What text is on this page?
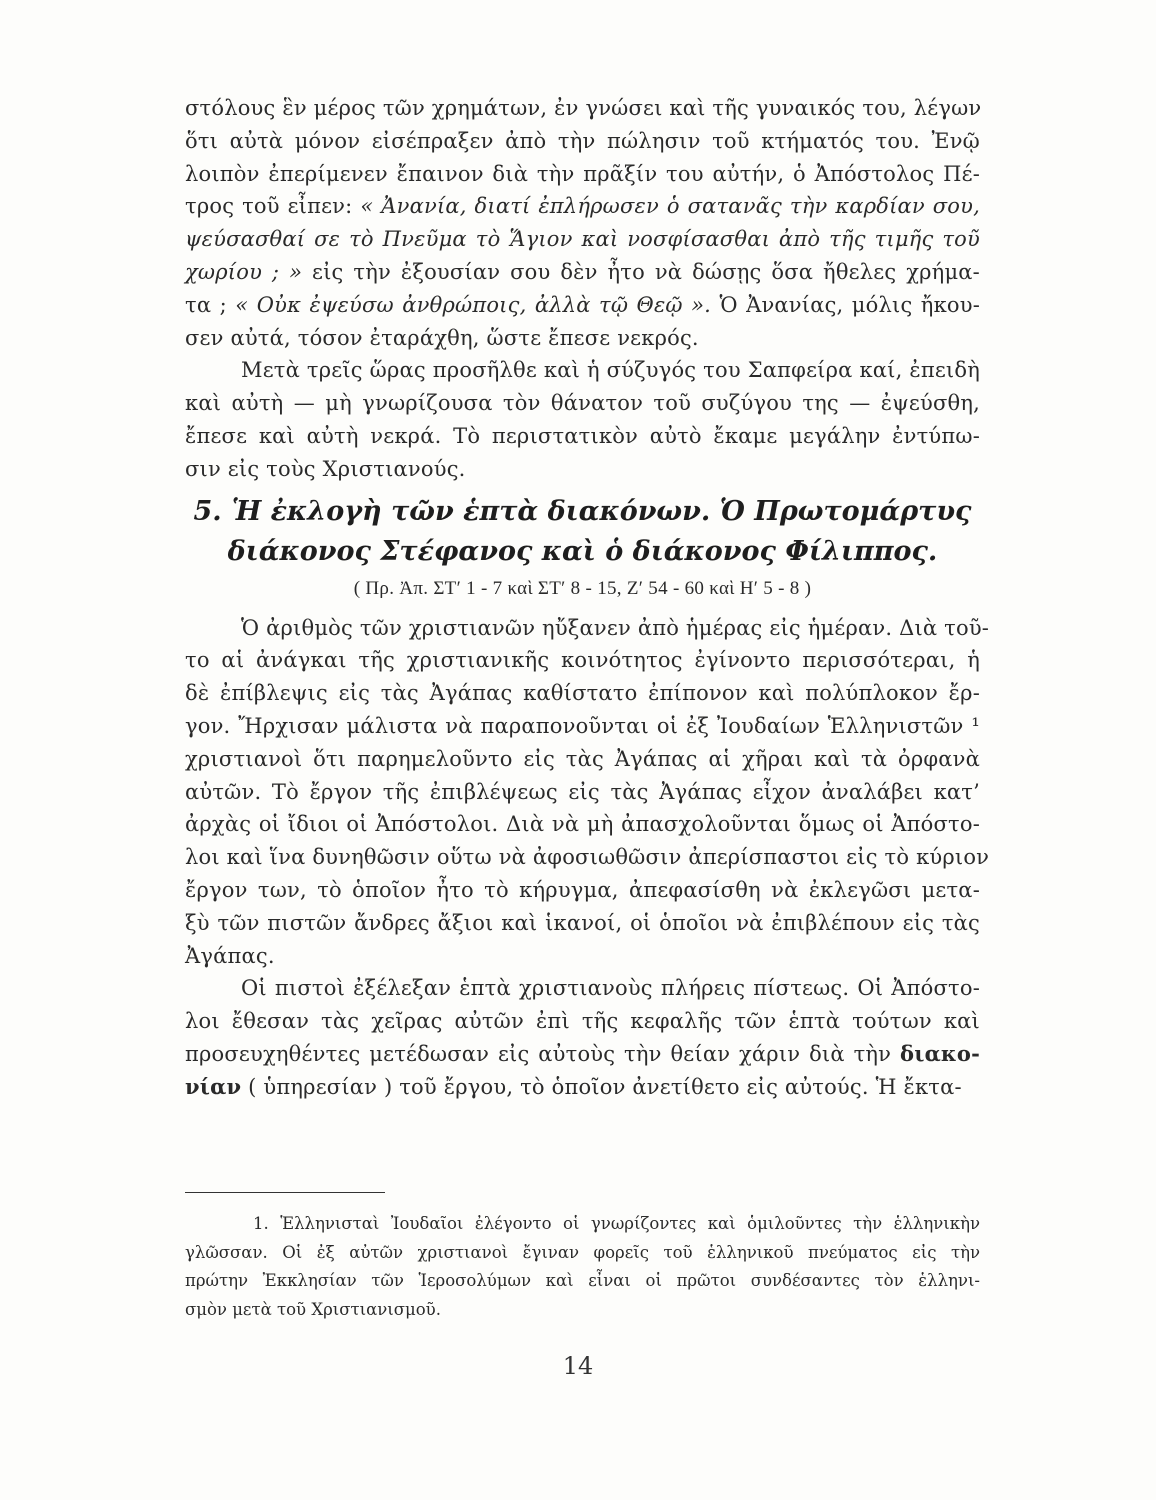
στόλους ἓν μέρος τῶν χρημάτων, ἐν γνώσει καὶ τῆς γυναικός του, λέγων
ὅτι αὐτὰ μόνον εἰσέπραξεν ἀπὸ τὴν πώλησιν τοῦ κτήματός του. Ἐνῷ
λοιπὸν ἐπερίμενεν ἔπαινον διὰ τὴν πρᾶξίν του αὐτήν, ὁ Ἀπόστολος Πέ-
τρος τοῦ εἶπεν: « Ἀνανία, διατί ἐπλήρωσεν ὁ σατανᾶς τὴν καρδίαν σου,
ψεύσασθαί σε τὸ Πνεῦμα τὸ Ἅγιον καὶ νοσφίσασθαι ἀπὸ τῆς τιμῆς τοῦ
χωρίου ; » εἰς τὴν ἐξουσίαν σου δὲν ἦτο νὰ δώσῃς ὅσα ἤθελες χρήμα-
τα ; « Οὐκ ἐψεύσω ἀνθρώποις, ἀλλὰ τῷ Θεῷ ». Ὁ Ἀνανίας, μόλις ἤκου-
σεν αὐτά, τόσον ἐταράχθη, ὥστε ἔπεσε νεκρός.
Μετὰ τρεῖς ὥρας προσῆλθε καὶ ἡ σύζυγός του Σαπφείρα καί, ἐπειδὴ
καὶ αὐτὴ — μὴ γνωρίζουσα τὸν θάνατον τοῦ συζύγου της — ἐψεύσθη,
ἔπεσε καὶ αὐτὴ νεκρά. Τὸ περιστατικὸν αὐτὸ ἔκαμε μεγάλην ἐντύπω-
σιν εἰς τοὺς Χριστιανούς.
5. Ἡ ἐκλογὴ τῶν ἑπτὰ διακόνων. Ὁ Πρωτομάρτυς
διάκονος Στέφανος καὶ ὁ διάκονος Φίλιππος.
( Πρ. Ἀπ. ΣΤ′ 1 - 7 καὶ ΣΤ′ 8 - 15, Ζ′ 54 - 60 καὶ Η′ 5 - 8 )
Ὁ ἀριθμὸς τῶν χριστιανῶν ηὔξανεν ἀπὸ ἡμέρας εἰς ἡμέραν. Διὰ τοῦ-
το αἱ ἀνάγκαι τῆς χριστιανικῆς κοινότητος ἐγίνοντο περισσότεραι, ἡ
δὲ ἐπίβλεψις εἰς τὰς Ἀγάπας καθίστατο ἐπίπονον καὶ πολύπλοκον ἔρ-
γον. Ἤρχισαν μάλιστα νὰ παραπονοῦνται οἱ ἐξ Ἰουδαίων Ἑλληνιστῶν ¹
χριστιανοὶ ὅτι παρημελοῦντο εἰς τὰς Ἀγάπας αἱ χῆραι καὶ τὰ ὀρφανὰ
αὐτῶν. Τὸ ἔργον τῆς ἐπιβλέψεως εἰς τὰς Ἀγάπας εἶχον ἀναλάβει κατ’
ἀρχὰς οἱ ἴδιοι οἱ Ἀπόστολοι. Διὰ νὰ μὴ ἀπασχολοῦνται ὅμως οἱ Ἀπόστο-
λοι καὶ ἵνα δυνηθῶσιν οὕτω νὰ ἀφοσιωθῶσιν ἀπερίσπαστοι εἰς τὸ κύριον
ἔργον των, τὸ ὁποῖον ἦτο τὸ κήρυγμα, ἀπεφασίσθη νὰ ἐκλεγῶσι μετα-
ξὺ τῶν πιστῶν ἄνδρες ἄξιοι καὶ ἱκανοί, οἱ ὁποῖοι νὰ ἐπιβλέπουν εἰς τὰς
Ἀγάπας.
Οἱ πιστοὶ ἐξέλεξαν ἑπτὰ χριστιανοὺς πλήρεις πίστεως. Οἱ Ἀπόστο-
λοι ἔθεσαν τὰς χεῖρας αὐτῶν ἐπὶ τῆς κεφαλῆς τῶν ἑπτὰ τούτων καὶ
προσευχηθέντες μετέδωσαν εἰς αὐτοὺς τὴν θείαν χάριν διὰ τὴν διακο-
νίαν ( ὑπηρεσίαν ) τοῦ ἔργου, τὸ ὁποῖον ἀνετίθετο εἰς αὐτούς. Ἡ ἔκτα-
1. Ἑλληνισταὶ Ἰουδαῖοι ἐλέγοντο οἱ γνωρίζοντες καὶ ὁμιλοῦντες τὴν ἑλληνικὴν
γλῶσσαν. Οἱ ἐξ αὐτῶν χριστιανοὶ ἔγιναν φορεῖς τοῦ ἑλληνικοῦ πνεύματος εἰς τὴν
πρώτην Ἐκκλησίαν τῶν Ἱεροσολύμων καὶ εἶναι οἱ πρῶτοι συνδέσαντες τὸν ἑλληνι-
σμὸν μετὰ τοῦ Χριστιανισμοῦ.
14
